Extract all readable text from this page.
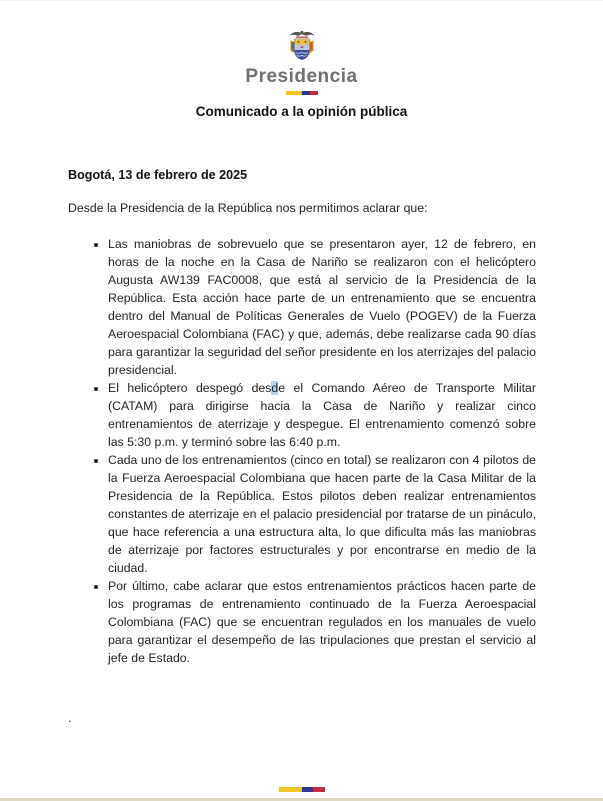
Presidencia
Comunicado a la opinión pública
Bogotá, 13 de febrero de 2025
Desde la Presidencia de la República nos permitimos aclarar que:
• Las maniobras de sobrevuelo que se presentaron ayer, 12 de febrero, en horas de la noche en la Casa de Nariño se realizaron con el helicóptero Augusta AW139 FAC0008, que está al servicio de la Presidencia de la República. Esta acción hace parte de un entrenamiento que se encuentra dentro del Manual de Políticas Generales de Vuelo (POGEV) de la Fuerza Aeroespacial Colombiana (FAC) y que, además, debe realizarse cada 90 días para garantizar la seguridad del señor presidente en los aterrizajes del palacio presidencial.
• El helicóptero despegó desde el Comando Aéreo de Transporte Militar (CATAM) para dirigirse hacia la Casa de Nariño y realizar cinco entrenamientos de aterrizaje y despegue. El entrenamiento comenzó sobre las 5:30 p.m. y terminó sobre las 6:40 p.m.
• Cada uno de los entrenamientos (cinco en total) se realizaron con 4 pilotos de la Fuerza Aeroespacial Colombiana que hacen parte de la Casa Militar de la Presidencia de la República. Estos pilotos deben realizar entrenamientos constantes de aterrizaje en el palacio presidencial por tratarse de un pináculo, que hace referencia a una estructura alta, lo que dificulta más las maniobras de aterrizaje por factores estructurales y por encontrarse en medio de la ciudad.
• Por último, cabe aclarar que estos entrenamientos prácticos hacen parte de los programas de entrenamiento continuado de la Fuerza Aeroespacial Colombiana (FAC) que se encuentran regulados en los manuales de vuelo para garantizar el desempeño de las tripulaciones que prestan el servicio al jefe de Estado.
.
